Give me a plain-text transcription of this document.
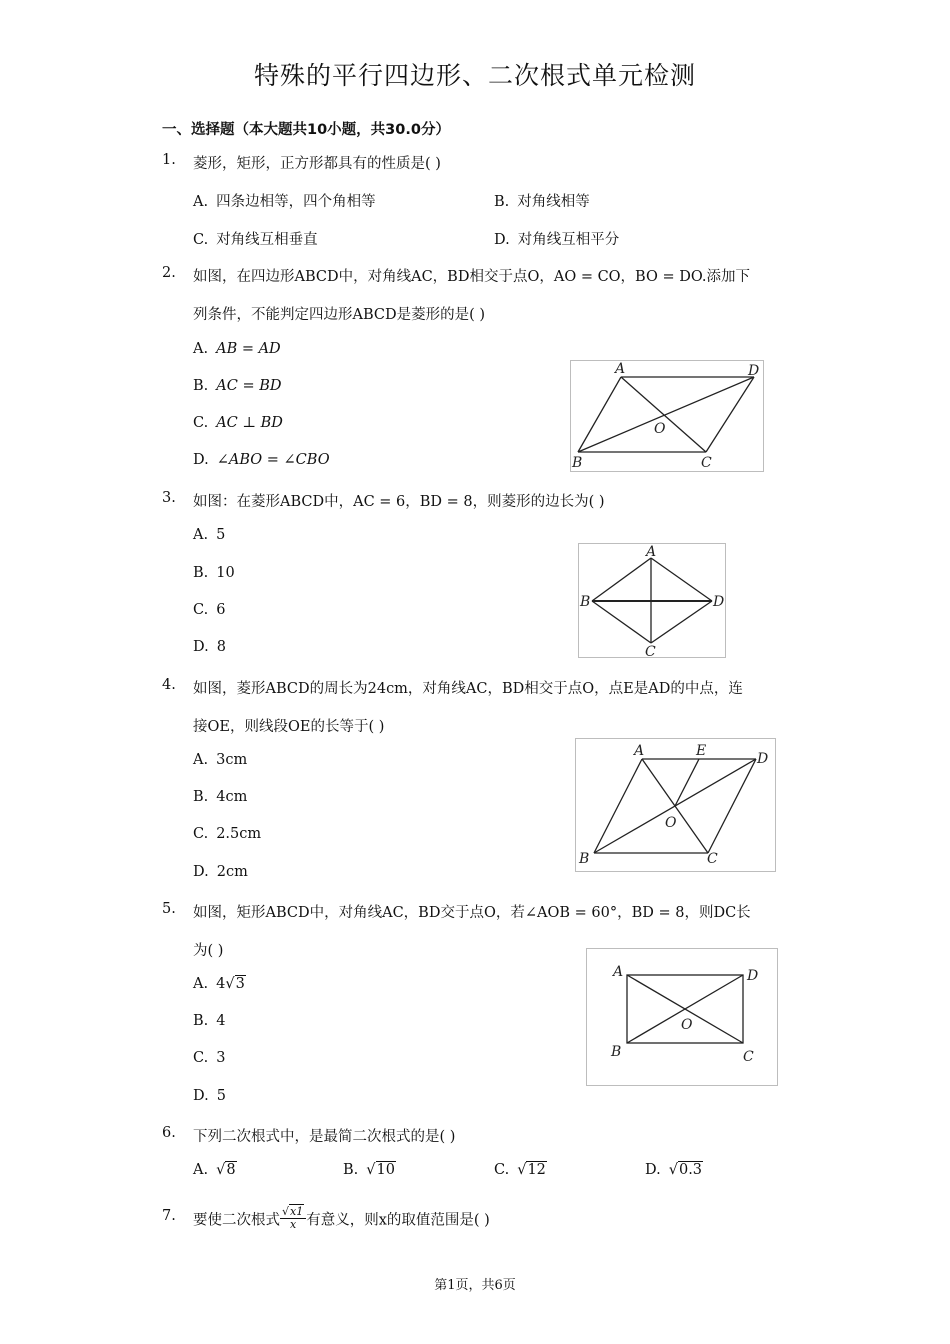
特殊的平行四边形、二次根式单元检测
一、选择题（本大题共10小题，共30.0分）
1. 菱形，矩形，正方形都具有的性质是( )
A. 四条边相等，四个角相等	B. 对角线相等
C. 对角线互相垂直	D. 对角线互相平分
2. 如图，在四边形ABCD中，对角线AC，BD相交于点O，AO = CO，BO = DO.添加下
列条件，不能判定四边形ABCD是菱形的是( )
A. AB = AD
B. AC = BD
C. AC ⊥ BD
D. ∠ABO = ∠CBO
A	D
O
B	C
3. 如图：在菱形ABCD中，AC = 6，BD = 8，则菱形的边长为( )
A. 5
B. 10
C. 6
D. 8
A
B	D
C
4. 如图，菱形ABCD的周长为24cm，对角线AC，BD相交于点O，点E是AD的中点，连
接OE，则线段OE的长等于( )
A. 3cm
B. 4cm
C. 2.5cm
D. 2cm
A	E	D
O
B	C
5. 如图，矩形ABCD中，对角线AC，BD交于点O，若∠AOB = 60°，BD = 8，则DC长
为( )
A. 4√3
B. 4
C. 3
D. 5
A	D
O
B	C
6. 下列二次根式中，是最简二次根式的是( )
A. √8	B. √10	C. √12	D. √0.3
7. 要使二次根式 $\frac{√x1}{x}$有意义，则x的取值范围是( )
第1页，共6页
